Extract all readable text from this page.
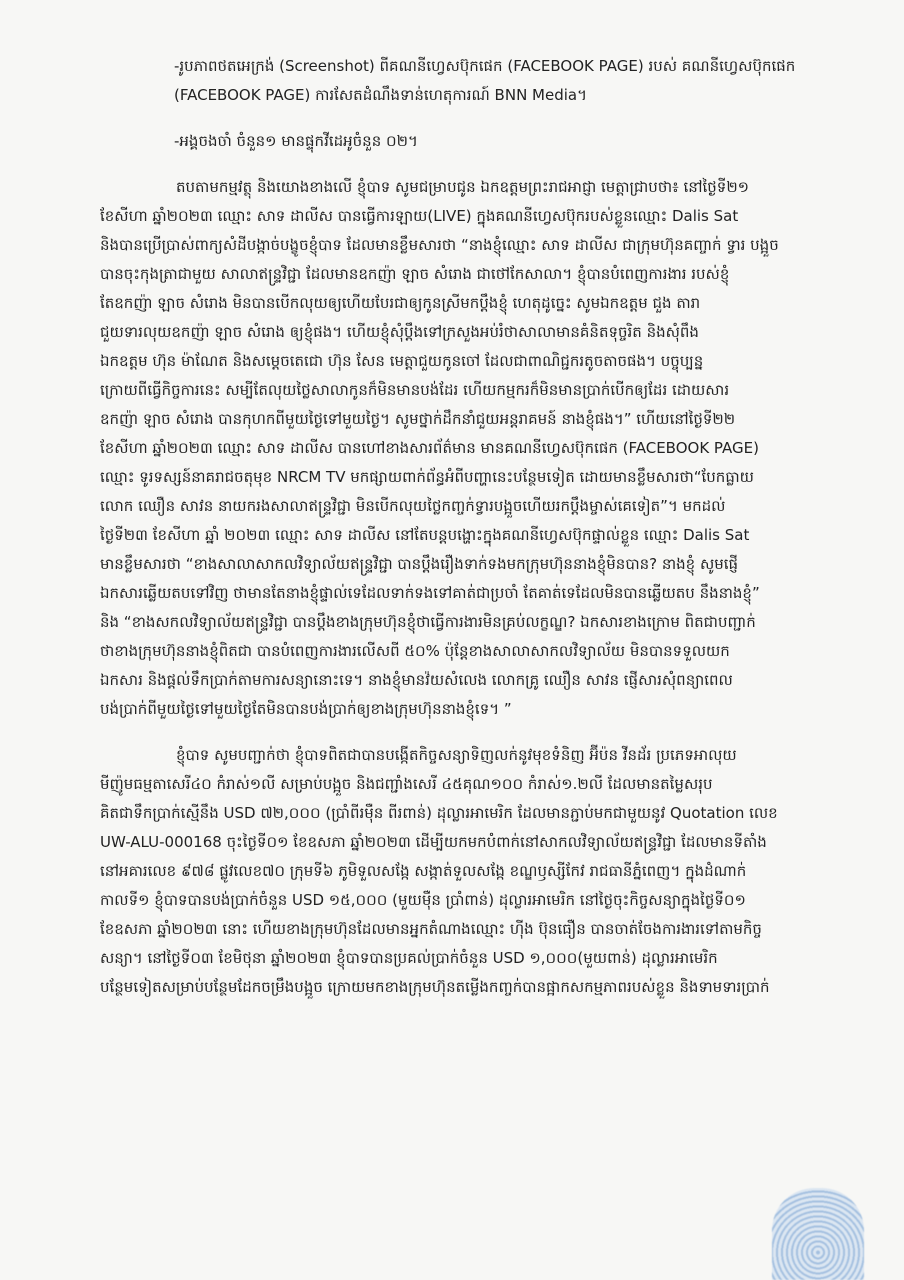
-រូបភាពថតអេក្រង់ (Screenshot) ពីគណនីហ្វេសប៊ុកផេក (FACEBOOK PAGE) របស់ គណនីហ្វេសប៊ុកផេក
(FACEBOOK PAGE) ការសែតដំណឹងទាន់ហេតុការណ៍ BNN Media។
-អង្គចងចាំ ចំនួន១ មានផ្ទុកវីដេអូចំនួន ០២។
តបតាមកម្មវត្ថុ និងយោងខាងលើ ខ្ញុំបាទ សូមជម្រាបជូន ឯកឧត្តមព្រះរាជអាជ្ញា មេត្តាជ្រាបថា៖ នៅថ្ងៃទី២១
ខែសីហា ឆ្នាំ២០២៣ ឈ្មោះ សាទ ដាលីស បានធ្វើការឡាយ(LIVE) ក្នុងគណនីហ្វេសប៊ុករបស់ខ្លួនឈ្មោះ Dalis Sat
និងបានប្រើប្រាស់ពាក្យសំដីបង្កាច់បង្ខូចខ្ញុំបាទ ដែលមានខ្លឹមសារថា “នាងខ្ញុំឈ្មោះ សាទ ដាលីស ជាក្រុមហ៊ុនគញ្ចាក់ ទ្វារ បង្អួច
បានចុះកុងត្រាជាមួយ សាលាឥន្ទ្រវិជ្ជា ដែលមានឧកញ៉ា ឡាច សំរោង ជាថៅកែសាលា។ ខ្ញុំបានបំពេញការងារ របស់ខ្ញុំ
តែឧកញ៉ា ឡាច សំរោង មិនបានបើកលុយឲ្យហើយបែរជាឲ្យកូនស្រីមកប្តឹងខ្ញុំ ហេតុដូច្នេះ សូមឯកឧត្តម ជួង តារា
ជួយទារលុយឧកញ៉ា ឡាច សំរោង ឲ្យខ្ញុំផង។ ហើយខ្ញុំសុំប្តឹងទៅក្រសួងអប់រំថាសាលាមានគំនិតទុច្ចរិត និងសុំពឹង
ឯកឧត្តម ហ៊ុន ម៉ាណែត និងសម្តេចតេជោ ហ៊ុន សែន មេត្តាជួយកូនចៅ ដែលជាពាណិជ្ជករតូចតាចផង។ បច្ចុប្បន្ន
ក្រោយពីធ្វើកិច្ចការនេះ សម្បីតែលុយថ្លៃសាលាកូនក៏មិនមានបង់ដែរ ហើយកម្មករក៏មិនមានប្រាក់បើកឲ្យដែរ ដោយសារ
ឧកញ៉ា ឡាច សំរោង បានកុហកពីមួយថ្ងៃទៅមួយថ្ងៃ។ សូមថ្នាក់ដឹកនាំជួយអន្តរាគមន៍ នាងខ្ញុំផង។” ហើយនៅថ្ងៃទី២២
ខែសីហា ឆ្នាំ២០២៣ ឈ្មោះ សាទ ដាលីស បានហៅខាងសារព័ត៌មាន មានគណនីហ្វេសប៊ុកផេក (FACEBOOK PAGE)
ឈ្មោះ ទូរទស្សន៍នាគរាជចតុមុខ NRCM TV មកផ្សាយពាក់ព័ន្ធអំពីបញ្ហានេះបន្ថែមទៀត ដោយមានខ្លឹមសារថា“បែកធ្លាយ
លោក ឈឿន សាវន នាយករងសាលាឥន្ទ្រវិជ្ជា មិនបើកលុយថ្លៃកញ្ចក់ទ្វារបង្អួចហើយរកប្តឹងម្ចាស់គេទៀត”។ មកដល់
ថ្ងៃទី២៣ ខែសីហា ឆ្នាំ ២០២៣ ឈ្មោះ សាទ ដាលីស នៅតែបន្តបង្ហោះក្នុងគណនីហ្វេសប៊ុកផ្ទាល់ខ្លួន ឈ្មោះ Dalis Sat
មានខ្លឹមសារថា “ខាងសាលាសាកលវិទ្យាល័យឥន្ទ្រវិជ្ជា បានប្តឹងរឿងទាក់ទងមកក្រុមហ៊ុននាងខ្ញុំមិនបាន? នាងខ្ញុំ សូមផ្ញើ
ឯកសារឆ្លើយតបទៅវិញ ថាមានតែនាងខ្ញុំផ្ទាល់ទេដែលទាក់ទងទៅគាត់ជាប្រចាំ តែគាត់ទេដែលមិនបានឆ្លើយតប នឹងនាងខ្ញុំ”
និង “ខាងសកលវិទ្យាល័យឥន្ទ្រវិជ្ជា បានប្តឹងខាងក្រុមហ៊ុនខ្ញុំថាធ្វើការងារមិនគ្រប់លក្ខណ្ឌ? ឯកសារខាងក្រោម ពិតជាបញ្ជាក់
ថាខាងក្រុមហ៊ុននាងខ្ញុំពិតជា បានបំពេញការងារលើសពី ៥០% ប៉ុន្តែខាងសាលាសាកលវិទ្យាល័យ មិនបានទទួលយក
ឯកសារ និងផ្តល់ទឹកប្រាក់តាមការសន្យានោះទេ។ នាងខ្ញុំមានវ៉យសំលេង លោកគ្រូ ឈឿន សាវន ផ្ញើសារសុំពន្យាពេល
បង់ប្រាក់ពីមួយថ្ងៃទៅមួយថ្ងៃតែមិនបានបង់ប្រាក់ឲ្យខាងក្រុមហ៊ុននាងខ្ញុំទេ។ ”
ខ្ញុំបាទ សូមបញ្ជាក់ថា ខ្ញុំបាទពិតជាបានបង្កើតកិច្ចសន្យាទិញលក់នូវមុខទំនិញ អ៊ីប៉ន វីនដ័រ ប្រភេទអាលុយ
មីញ៉ូមធម្មតាសេរី៤០ កំរាស់១លី សម្រាប់បង្អួច និងជញ្ជាំងសេរី ៤៥គុណ១០០ កំរាស់១.២លី ដែលមានតម្លៃសរុប
គិតជាទឹកប្រាក់ស្មើនឹង USD ៧២,០០០ (ប្រាំពីរម៉ឺន ពីរពាន់) ដុល្លារអាមេរិក ដែលមានភ្ជាប់មកជាមួយនូវ Quotation លេខ
UW-ALU-000168 ចុះថ្ងៃទី០១ ខែឧសភា ឆ្នាំ២០២៣ ដើម្បីយកមកបំពាក់នៅសាកលវិទ្យាល័យឥន្ទ្រវិជ្ជា ដែលមានទីតាំង
នៅអគារលេខ ៩៧៨ ផ្លូវលេខ៧០ ក្រុមទី៦ ភូមិទួលសង្កែ សង្កាត់ទួលសង្កែ ខណ្ឌឫស្សីកែវ រាជធានីភ្នំពេញ។ ក្នុងដំណាក់
កាលទី១ ខ្ញុំបាទបានបង់ប្រាក់ចំនួន USD ១៥,០០០ (មួយម៉ឺន ប្រាំពាន់) ដុល្លារអាមេរិក នៅថ្ងៃចុះកិច្ចសន្យាក្នុងថ្ងៃទី០១
ខែឧសភា ឆ្នាំ២០២៣ នោះ ហើយខាងក្រុមហ៊ុនដែលមានអ្នកតំណាងឈ្មោះ ហ៊ីង ប៊ុនធឿន បានចាត់ចែងការងារទៅតាមកិច្ច
សន្យា។ នៅថ្ងៃទី០៣ ខែមិថុនា ឆ្នាំ២០២៣ ខ្ញុំបាទបានប្រគល់ប្រាក់ចំនួន USD ១,០០០(មួយពាន់) ដុល្លារអាមេរិក
បន្ថែមទៀតសម្រាប់បន្ថែមដែកចម្រឹងបង្អួច ក្រោយមកខាងក្រុមហ៊ុនតម្លើងកញ្ចក់បានផ្អាកសកម្មភាពរបស់ខ្លួន និងទាមទារប្រាក់
